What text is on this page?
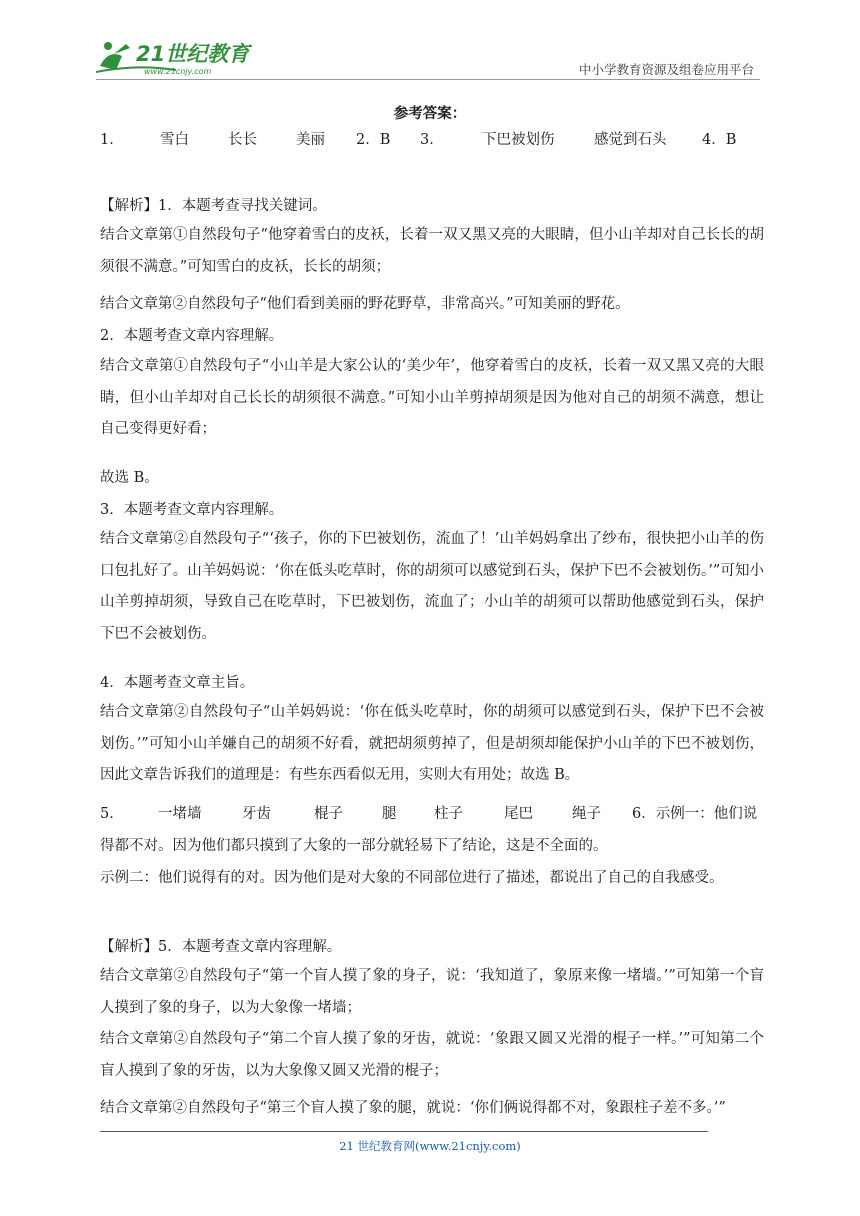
21世纪教育
www.21cnjy.com	中小学教育资源及组卷应用平台
参考答案：
1．	雪白	长长	美丽 2．B 3．	下巴被划伤	感觉到石头 4．B

【解析】1．本题考查寻找关键词。

结合文章第①自然段句子“他穿着雪白的皮袄，长着一双又黑又亮的大眼睛，但小山羊却对自己长长的胡须很不满意。”可知雪白的皮袄，长长的胡须；

结合文章第②自然段句子“他们看到美丽的野花野草，非常高兴。”可知美丽的野花。

2．本题考查文章内容理解。

结合文章第①自然段句子“小山羊是大家公认的‘美少年’，他穿着雪白的皮袄，长着一双又黑又亮的大眼睛，但小山羊却对自己长长的胡须很不满意。”可知小山羊剪掉胡须是因为他对自己的胡须不满意，想让自己变得更好看；

故选 B。

3．本题考查文章内容理解。

结合文章第②自然段句子“‘孩子，你的下巴被划伤，流血了！’山羊妈妈拿出了纱布，很快把小山羊的伤口包扎好了。山羊妈妈说：‘你在低头吃草时，你的胡须可以感觉到石头，保护下巴不会被划伤。’”可知小山羊剪掉胡须，导致自己在吃草时，下巴被划伤，流血了；小山羊的胡须可以帮助他感觉到石头，保护下巴不会被划伤。

4．本题考查文章主旨。

结合文章第②自然段句子“山羊妈妈说：‘你在低头吃草时，你的胡须可以感觉到石头，保护下巴不会被划伤。’”可知小山羊嫌自己的胡须不好看，就把胡须剪掉了，但是胡须却能保护小山羊的下巴不被划伤，因此文章告诉我们的道理是：有些东西看似无用，实则大有用处；故选 B。

5． 一堵墙	牙齿	棍子	腿	柱子	尾巴	绳子 6．示例一：他们说

得都不对。因为他们都只摸到了大象的一部分就轻易下了结论，这是不全面的。

示例二：他们说得有的对。因为他们是对大象的不同部位进行了描述，都说出了自己的自我感受。

【解析】5．本题考查文章内容理解。

结合文章第②自然段句子“第一个盲人摸了象的身子，说：‘我知道了，象原来像一堵墙。’”可知第一个盲人摸到了象的身子，以为大象像一堵墙；

结合文章第②自然段句子“第二个盲人摸了象的牙齿，就说：‘象跟又圆又光滑的棍子一样。’”可知第二个盲人摸到了象的牙齿，以为大象像又圆又光滑的棍子；

结合文章第②自然段句子“第三个盲人摸了象的腿，就说：‘你们俩说得都不对，象跟柱子差不多。’”

21 世纪教育网(www.21cnjy.com)
